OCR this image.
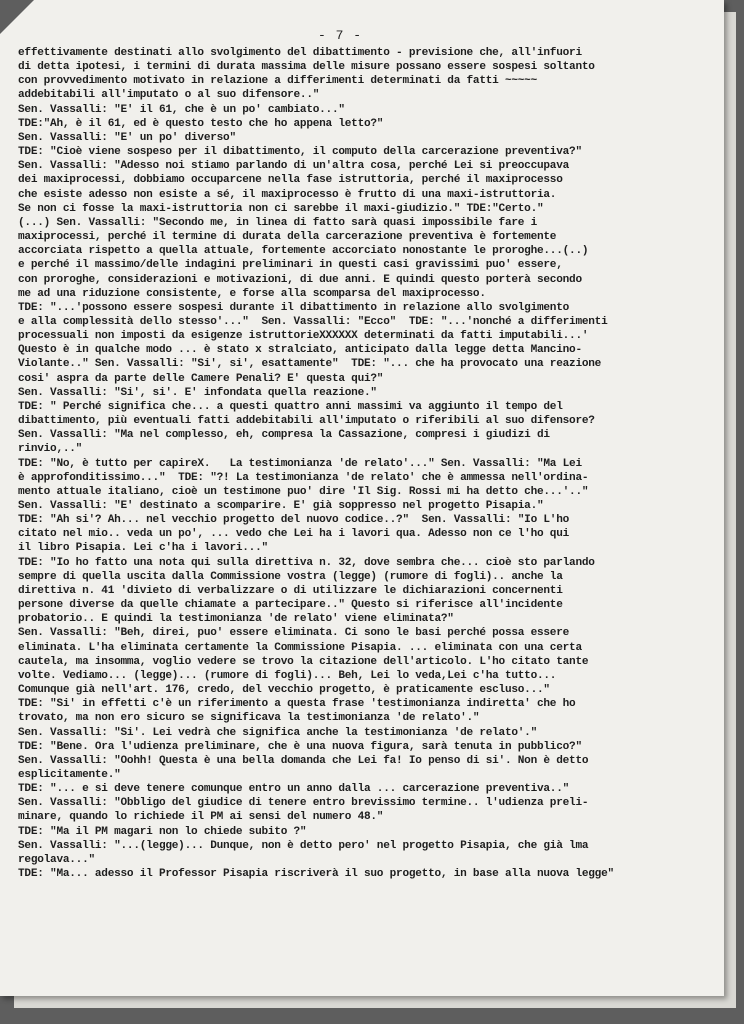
- 7 -
effettivamente destinati allo svolgimento del dibattimento - previsione che, all'infuori
di detta ipotesi, i termini di durata massima delle misure possano essere sospesi soltanto
con provvedimento motivato in relazione a differimenti determinati da fatti ~~~~~
addebitabili all'imputato o al suo difensore.."
Sen. Vassalli: "E' il 61, che è un po' cambiato..."
TDE:"Ah, è il 61, ed è questo testo che ho appena letto?"
Sen. Vassalli: "E' un po' diverso"
TDE: "Cioè viene sospeso per il dibattimento, il computo della carcerazione preventiva?"
Sen. Vassalli: "Adesso noi stiamo parlando di un'altra cosa, perché Lei si preoccupava
dei maxiprocessi, dobbiamo occuparcene nella fase istruttoria, perché il maxiprocesso
che esiste adesso non esiste a sé, il maxiprocesso è frutto di una maxi-istruttoria.
Se non ci fosse la maxi-istruttoria non ci sarebbe il maxi-giudizio." TDE:"Certo."
(...) Sen. Vassalli: "Secondo me, in linea di fatto sarà quasi impossibile fare i
maxiprocessi, perché il termine di durata della carcerazione preventiva è fortemente
accorciata rispetto a quella attuale, fortemente accorciato nonostante le proroghe...(..)
e perché il massimo/delle indagini preliminari in questi casi gravissimi puo' essere,
con proroghe, considerazioni e motivazioni, di due anni. E quindi questo porterà secondo
me ad una riduzione consistente, e forse alla scomparsa del maxiprocesso.
TDE: "...'possono essere sospesi durante il dibattimento in relazione allo svolgimento
e alla complessità dello stesso'..."  Sen. Vassalli: "Ecco"  TDE: "...'nonché a differimenti
processuali non imposti da esigenze istruttorieXXXXXX determinati da fatti imputabili...'
Questo è in qualche modo ... è stato x stralciato, anticipato dalla legge detta Mancino-
Violante.." Sen. Vassalli: "Si', si', esattamente"  TDE: "... che ha provocato una reazione
cosi' aspra da parte delle Camere Penali? E' questa qui?"
Sen. Vassalli: "Si', si'. E' infondata quella reazione."
TDE: " Perché significa che... a questi quattro anni massimi va aggiunto il tempo del
dibattimento, più eventuali fatti addebitabili all'imputato o riferibili al suo difensore?
Sen. Vassalli: "Ma nel complesso, eh, compresa la Cassazione, compresi i giudizi di
rinvio,.."
TDE: "No, è tutto per capireX.   La testimonianza 'de relato'..." Sen. Vassalli: "Ma Lei
è approfonditissimo..."  TDE: "?! La testimonianza 'de relato' che è ammessa nell'ordina-
mento attuale italiano, cioè un testimone puo' dire 'Il Sig. Rossi mi ha detto che...'.."
Sen. Vassalli: "E' destinato a scomparire. E' già soppresso nel progetto Pisapia."
TDE: "Ah si'? Ah... nel vecchio progetto del nuovo codice..?"  Sen. Vassalli: "Io L'ho
citato nel mio.. veda un po', ... vedo che Lei ha i lavori qua. Adesso non ce l'ho qui
il libro Pisapia. Lei c'ha i lavori..."
TDE: "Io ho fatto una nota qui sulla direttiva n. 32, dove sembra che... cioè sto parlando
sempre di quella uscita dalla Commissione vostra (legge) (rumore di fogli).. anche la
direttiva n. 41 'divieto di verbalizzare o di utilizzare le dichiarazioni concernenti
persone diverse da quelle chiamate a partecipare.." Questo si riferisce all'incidente
probatorio.. E quindi la testimonianza 'de relato' viene eliminata?"
Sen. Vassalli: "Beh, direi, puo' essere eliminata. Ci sono le basi perché possa essere
eliminata. L'ha eliminata certamente la Commissione Pisapia. ... eliminata con una certa
cautela, ma insomma, voglio vedere se trovo la citazione dell'articolo. L'ho citato tante
volte. Vediamo... (legge)... (rumore di fogli)... Beh, Lei lo veda,Lei c'ha tutto...
Comunque già nell'art. 176, credo, del vecchio progetto, è praticamente escluso..."
TDE: "Si' in effetti c'è un riferimento a questa frase 'testimonianza indiretta' che ho
trovato, ma non ero sicuro se significava la testimonianza 'de relato'."
Sen. Vassalli: "Si'. Lei vedrà che significa anche la testimonianza 'de relato'."
TDE: "Bene. Ora l'udienza preliminare, che è una nuova figura, sarà tenuta in pubblico?"
Sen. Vassalli: "Oohh! Questa è una bella domanda che Lei fa! Io penso di si'. Non è detto
esplicitamente."
TDE: "... e si deve tenere comunque entro un anno dalla ... carcerazione preventiva.."
Sen. Vassalli: "Obbligo del giudice di tenere entro brevissimo termine.. l'udienza preli-
minare, quando lo richiede il PM ai sensi del numero 48."
TDE: "Ma il PM magari non lo chiede subito ?"
Sen. Vassalli: "...(legge)... Dunque, non è detto pero' nel progetto Pisapia, che già lma
regolava..."
TDE: "Ma... adesso il Professor Pisapia riscriverà il suo progetto, in base alla nuova legge"
